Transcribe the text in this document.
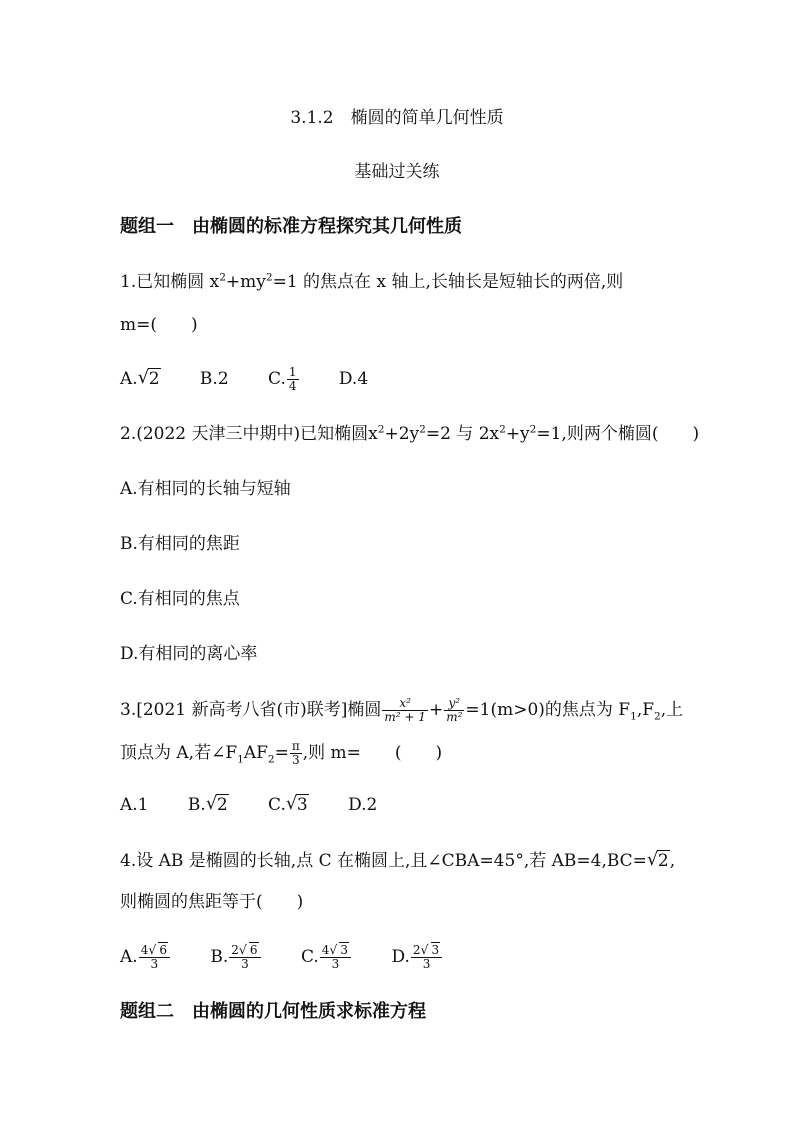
3.1.2　椭圆的简单几何性质
基础过关练
题组一　由椭圆的标准方程探究其几何性质
1.已知椭圆 $x^2+my^2=1$ 的焦点在 x 轴上,长轴长是短轴长的两倍,则
m=(　　)
A. √ 2 B.2 C. $\frac{1}{4} D.4$
2.(2022 天津三中期中)已知椭圆$x^2+2y^2=2$ 与 $2x^2+y^2=1$,则两个椭圆(　　)
A.有相同的长轴与短轴
B.有相同的焦距
C.有相同的焦点
D.有相同的离心率
3.[2021 新高考八省(市)联考]椭圆 $\frac{\text{x²}}{\text{m² + 1}} + \frac{\text{y²}}{\text{m²}} =1(m>0)$的焦点为 $F_1,F_2$,上
顶点为 A,若$\angle F_1AF_2= \frac{\pi}{3}$ ,则 m=　　(　　)
A.1 B. √ 2 C. √ 3 D.2
4.设 AB 是椭圆的长轴,点 C 在椭圆上,且∠CBA=45°,若 AB=4,BC= √ 2,
则椭圆的焦距等于(　　)
A. $\frac{4 √ 6}{3} B$. $\frac{2 √ 6}{3} C$. $\frac{4 √ 3}{3} D$. $\frac{2 √ 3}{3}$
题组二　由椭圆的几何性质求标准方程
